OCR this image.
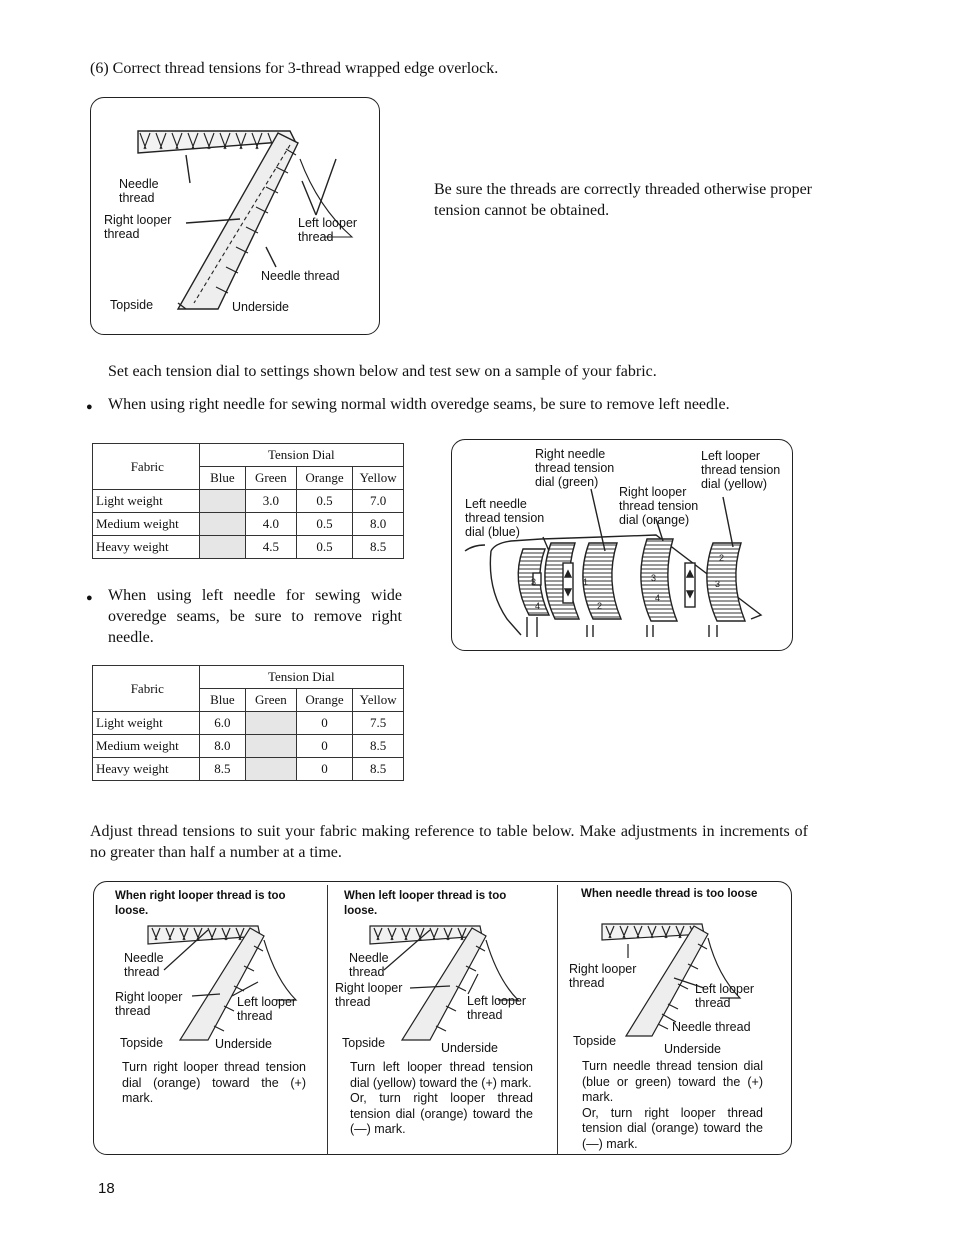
(6) Correct thread tensions for 3-thread wrapped edge overlock.
Needle
thread
Right looper
thread
Left looper
thread
Needle thread
Topside	Underside
Be sure the threads are correctly threaded otherwise proper tension cannot be obtained.
Set each tension dial to settings shown below and test sew on a sample of your fabric.
● When using right needle for sewing normal width overedge seams, be sure to remove left needle.
Fabric	Tension Dial			
	Blue	Green	Orange	Yellow
Light weight		3.0	0.5	7.0
Medium weight		4.0	0.5	8.0
Heavy weight		4.5	0.5	8.5
● When using left needle for sewing wide overedge seams, be sure to remove right needle.
Fabric	Tension Dial			
	Blue	Green	Orange	Yellow
Light weight	6.0		0	7.5
Medium weight	8.0		0	8.5
Heavy weight	8.5		0	8.5
3
4
1
2
3
4
2
3
Right needle
thread tension
dial (green)
Left looper
thread tension
dial (yellow)
Right looper
thread tension
dial (orange)
Left needle
thread tension
dial (blue)
Adjust thread tensions to suit your fabric making reference to table below. Make adjustments in increments of no greater than half a number at a time.
When right looper thread is too loose.
Needle
thread
Right looper
thread
Left looper
thread
Topside	Underside
Turn right looper thread tension dial (orange) toward the (+) mark.
When left looper thread is too loose.
Needle
thread
Right looper
thread	Left looper
thread
Topside	Underside
Turn left looper thread tension dial (yellow) toward the (+) mark.
Or, turn right looper thread tension dial (orange) toward the (—) mark.
When needle thread is too loose
Right looper
thread	Left looper
thread
Needle thread
Topside
Underside
Turn needle thread tension dial (blue or green) toward the (+) mark.
Or, turn right looper thread tension dial (orange) toward the (—) mark.
18
